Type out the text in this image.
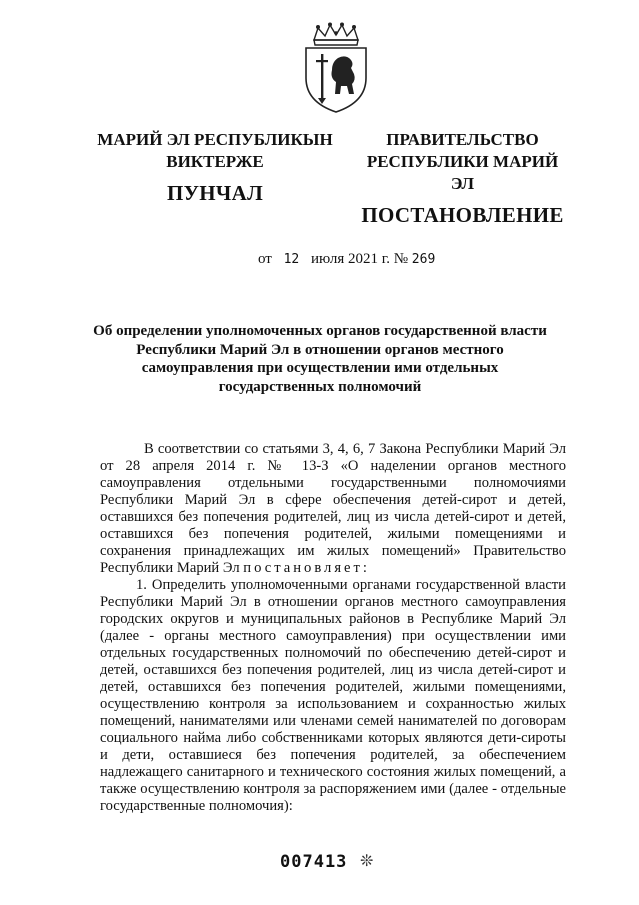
МАРИЙ ЭЛ РЕСПУБЛИКЫН
ВИКТЕРЖЕ
ПУНЧАЛ
ПРАВИТЕЛЬСТВО
РЕСПУБЛИКИ МАРИЙ ЭЛ
ПОСТАНОВЛЕНИЕ
от 12 июля 2021 г. № 269
Об определении уполномоченных органов государственной власти
Республики Марий Эл в отношении органов местного
самоуправления при осуществлении ими отдельных
государственных полномочий

В соответствии со статьями 3, 4, 6, 7 Закона Республики Марий Эл от 28 апреля 2014 г. № 13-З «О наделении органов местного самоуправления отдельными государственными полномочиями Республики Марий Эл в сфере обеспечения детей-сирот и детей, оставшихся без попечения родителей, лиц из числа детей-сирот и детей, оставшихся без попечения родителей, жилыми помещениями и сохранения принадлежащих им жилых помещений» Правительство Республики Марий Эл постановляет:

1. Определить уполномоченными органами государственной власти Республики Марий Эл в отношении органов местного самоуправления городских округов и муниципальных районов в Республике Марий Эл (далее - органы местного самоуправления) при осуществлении ими отдельных государственных полномочий по обеспечению детей-сирот и детей, оставшихся без попечения родителей, лиц из числа детей-сирот и детей, оставшихся без попечения родителей, жилыми помещениями, осуществлению контроля за использованием и сохранностью жилых помещений, нанимателями или членами семей нанимателей по договорам социального найма либо собственниками которых являются дети-сироты и дети, оставшиеся без попечения родителей, за обеспечением надлежащего санитарного и технического состояния жилых помещений, а также осуществлению контроля за распоряжением ими (далее - отдельные государственные полномочия):

007413 ❊
